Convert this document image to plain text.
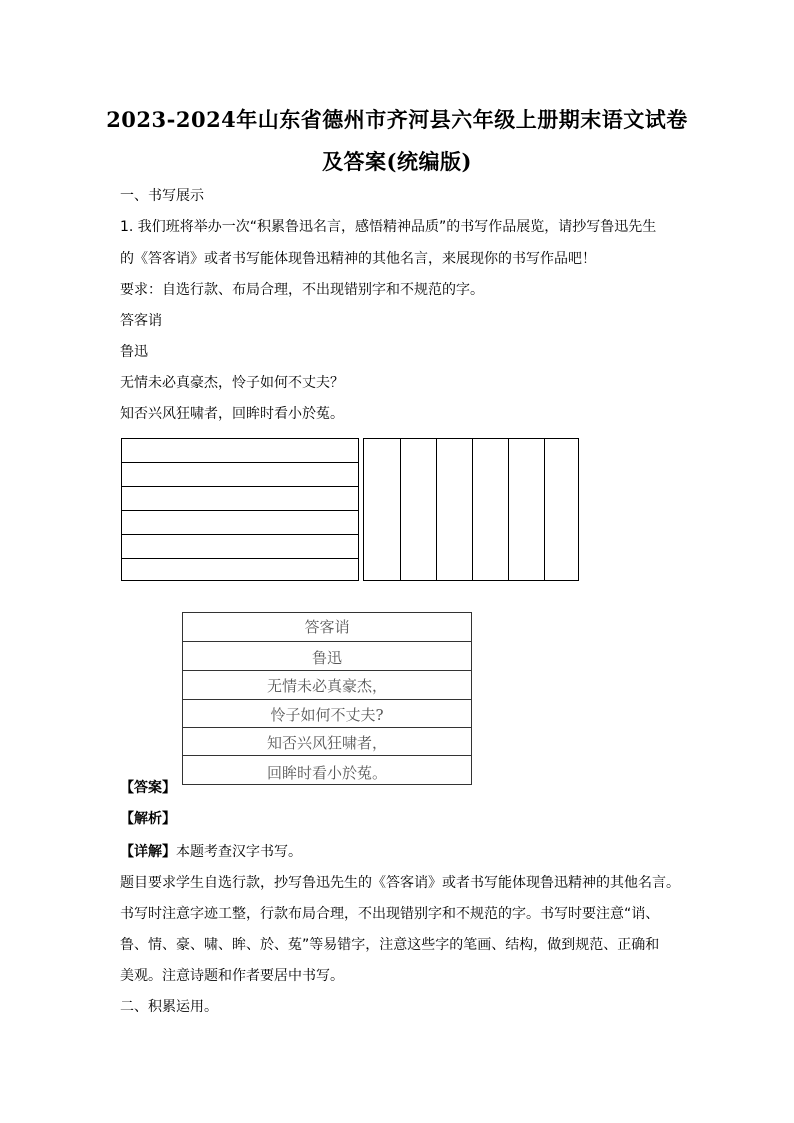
2023-2024年山东省德州市齐河县六年级上册期末语文试卷
及答案(统编版)
一、书写展示
1. 我们班将举办一次“积累鲁迅名言，感悟精神品质”的书写作品展览，请抄写鲁迅先生
的《答客诮》或者书写能体现鲁迅精神的其他名言，来展现你的书写作品吧！
要求：自选行款、布局合理，不出现错别字和不规范的字。
答客诮
鲁迅
无情未必真豪杰，怜子如何不丈夫？
知否兴风狂啸者，回眸时看小於菟。
答客诮
鲁迅
无情未必真豪杰，
怜子如何不丈夫?
知否兴风狂啸者，
回眸时看小於菟。
【答案】
【解析】
【详解】本题考查汉字书写。
题目要求学生自选行款，抄写鲁迅先生的《答客诮》或者书写能体现鲁迅精神的其他名言。
书写时注意字迹工整，行款布局合理，不出现错别字和不规范的字。书写时要注意“诮、
鲁、情、豪、啸、眸、於、菟”等易错字，注意这些字的笔画、结构，做到规范、正确和
美观。注意诗题和作者要居中书写。
二、积累运用。
